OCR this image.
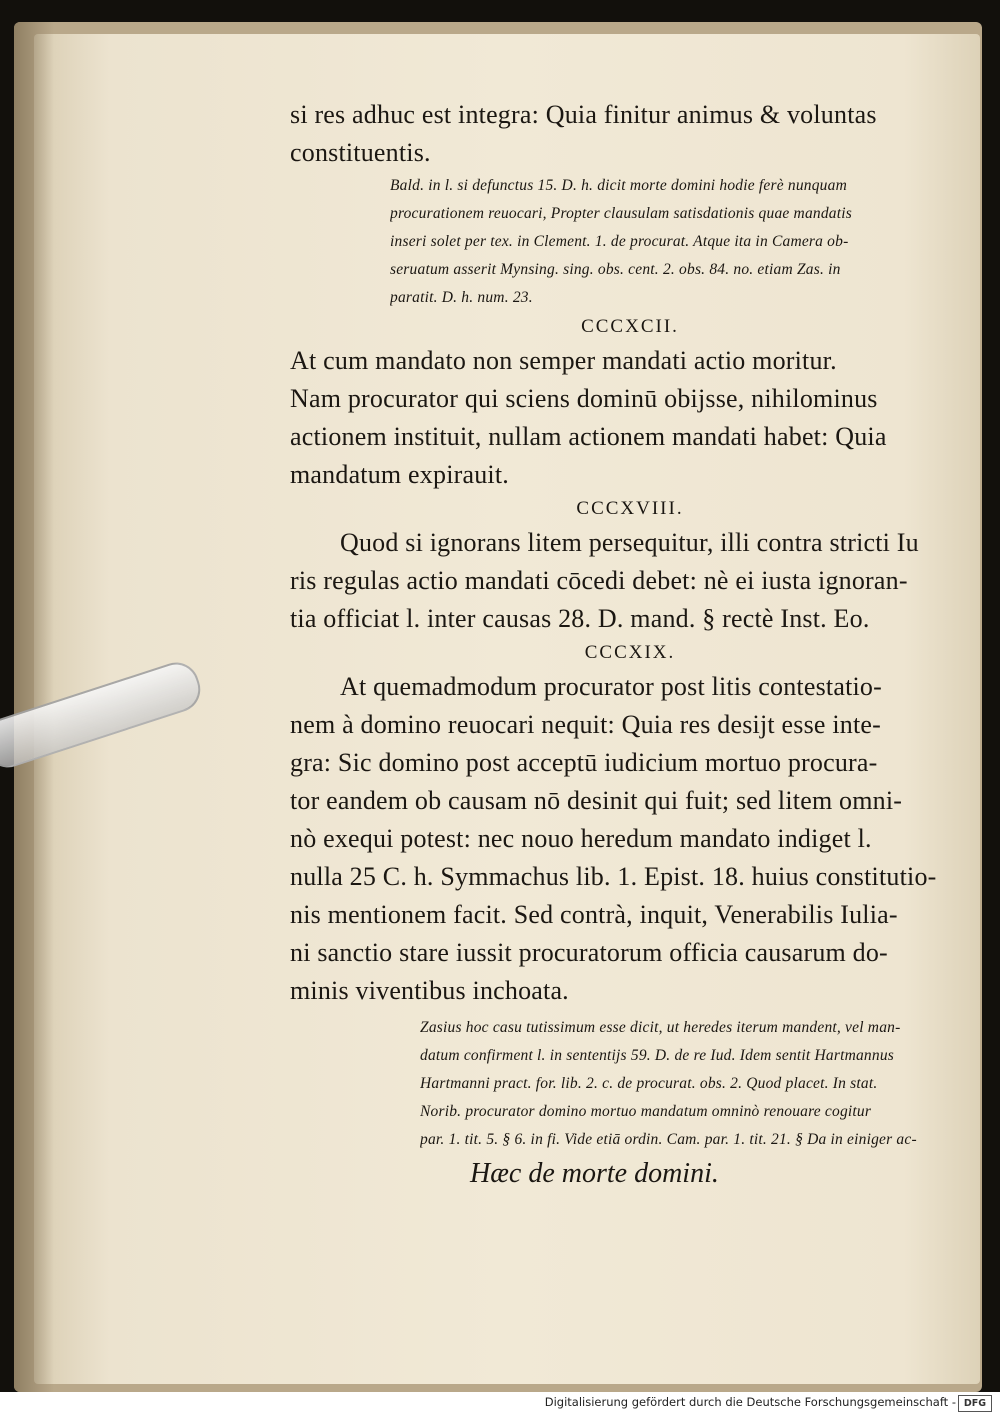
si res adhuc est integra: Quia finitur animus & voluntas
constituentis.
Bald. in l. si defunctus 15. D. h. dicit morte domini hodie ferè nunquam
procurationem reuocari, Propter clausulam satisdationis quae mandatis
inseri solet per tex. in Clement. 1. de procurat. Atque ita in Camera ob-
seruatum asserit Mynsing. sing. obs. cent. 2. obs. 84. no. etiam Zas. in
paratit. D. h. num. 23.
CCCXCII.
At cum mandato non semper mandati actio moritur.
Nam procurator qui sciens dominū obijsse, nihilominus
actionem instituit, nullam actionem mandati habet: Quia
mandatum expirauit.
CCCXVIII.
Quod si ignorans litem persequitur, illi contra stricti Iu
ris regulas actio mandati cōcedi debet: nè ei iusta ignoran-
tia officiat l. inter causas 28. D. mand. § rectè Inst. Eo.
CCCXIX.
At quemadmodum procurator post litis contestatio-
nem à domino reuocari nequit: Quia res desijt esse inte-
gra: Sic domino post acceptū iudicium mortuo procura-
tor eandem ob causam nō desinit qui fuit; sed litem omni-
nò exequi potest: nec nouo heredum mandato indiget l.
nulla 25 C. h. Symmachus lib. 1. Epist. 18. huius constitutio-
nis mentionem facit. Sed contrà, inquit, Venerabilis Iulia-
ni sanctio stare iussit procuratorum officia causarum do-
minis viventibus inchoata.
Zasius hoc casu tutissimum esse dicit, ut heredes iterum mandent, vel man-
datum confirment l. in sententijs 59. D. de re Iud. Idem sentit Hartmannus
Hartmanni pract. for. lib. 2. c. de procurat. obs. 2. Quod placet. In stat.
Norib. procurator domino mortuo mandatum omninò renouare cogitur
par. 1. tit. 5. § 6. in fi. Vide etiā ordin. Cam. par. 1. tit. 21. § Da in einiger ac-
Hæc de morte domini.
Digitalisierung gefördert durch die Deutsche Forschungsgemeinschaft - DFG
